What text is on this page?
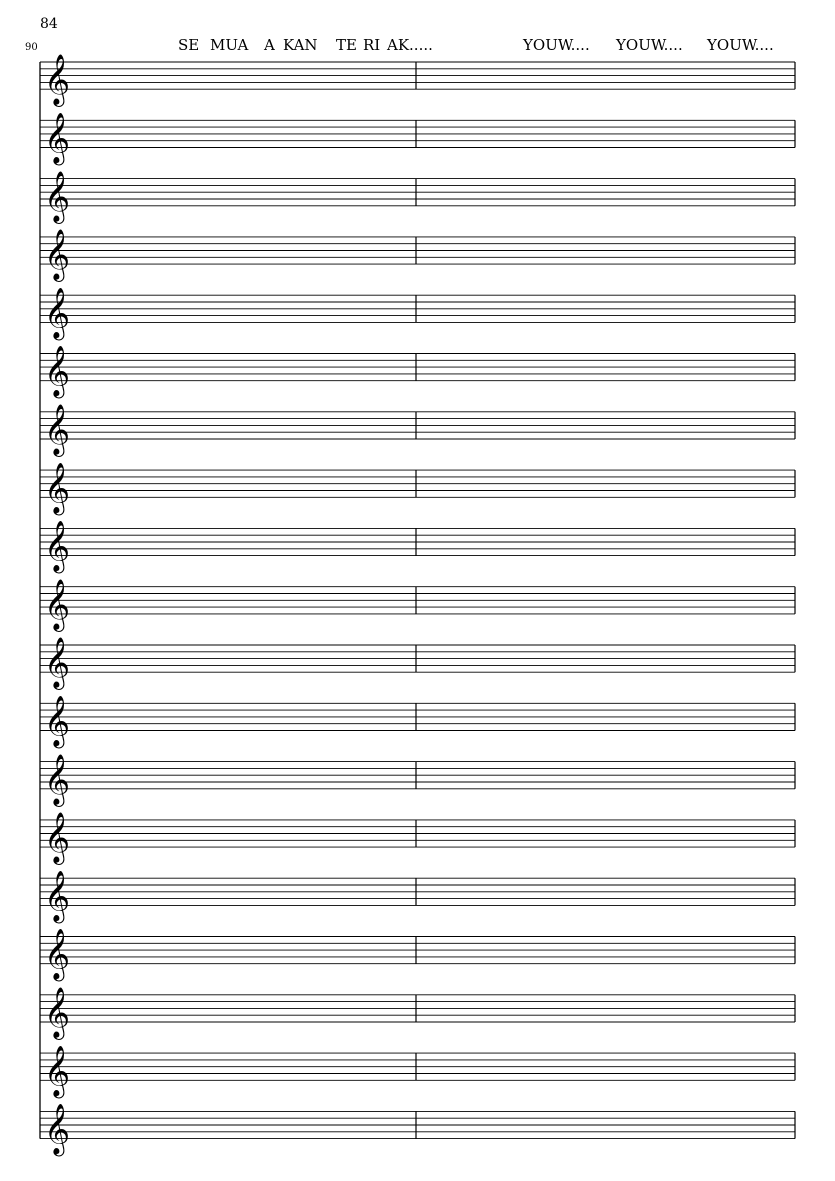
84
90	SE MUA A KAN TE RI AK.....	YOUW.... YOUW.... YOUW....
𝄞
𝄞
𝄞
𝄞
𝄞
𝄞
𝄞
𝄞
𝄞
𝄞
𝄞
𝄞
𝄞
𝄞
𝄞
𝄞
𝄞
𝄞
𝄞
